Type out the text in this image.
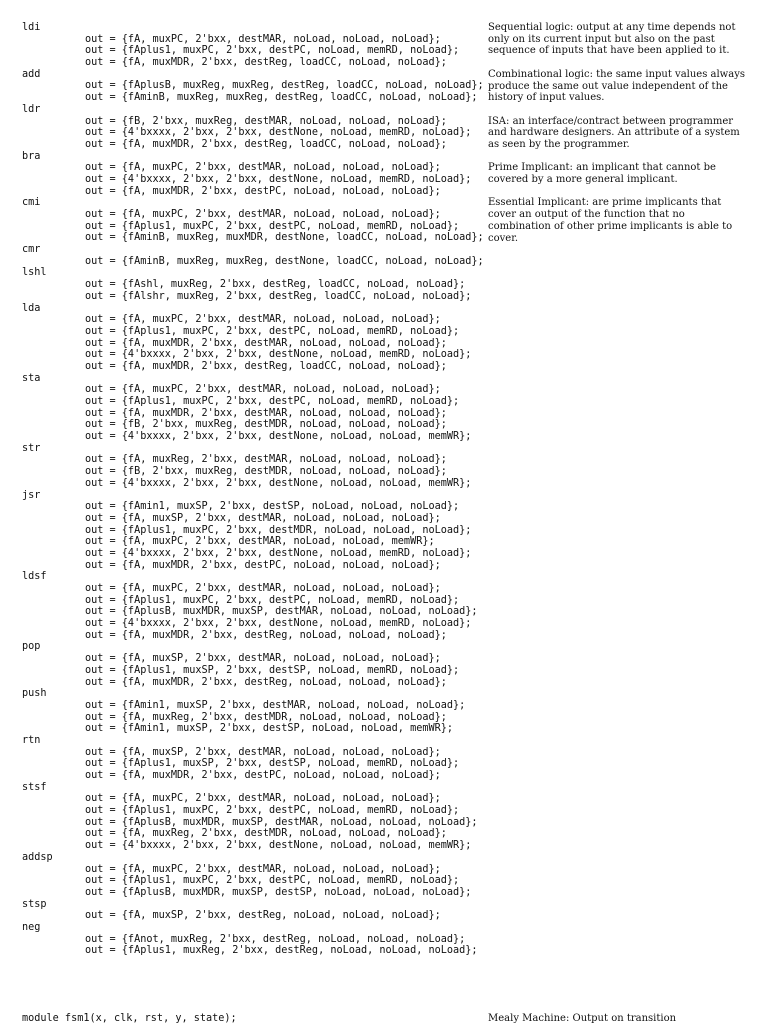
ldi
out = {fA, muxPC, 2'bxx, destMAR, noLoad, noLoad, noLoad};
out = {fAplus1, muxPC, 2'bxx, destPC, noLoad, memRD, noLoad};
out = {fA, muxMDR, 2'bxx, destReg, loadCC, noLoad, noLoad};
add
out = {fAplusB, muxReg, muxReg, destReg, loadCC, noLoad, noLoad};
out = {fAminB, muxReg, muxReg, destReg, loadCC, noLoad, noLoad};
ldr
out = {fB, 2'bxx, muxReg, destMAR, noLoad, noLoad, noLoad};
out = {4'bxxxx, 2'bxx, 2'bxx, destNone, noLoad, memRD, noLoad};
out = {fA, muxMDR, 2'bxx, destReg, loadCC, noLoad, noLoad};
bra
out = {fA, muxPC, 2'bxx, destMAR, noLoad, noLoad, noLoad};
out = {4'bxxxx, 2'bxx, 2'bxx, destNone, noLoad, memRD, noLoad};
out = {fA, muxMDR, 2'bxx, destPC, noLoad, noLoad, noLoad};
cmi
out = {fA, muxPC, 2'bxx, destMAR, noLoad, noLoad, noLoad};
out = {fAplus1, muxPC, 2'bxx, destPC, noLoad, memRD, noLoad};
out = {fAminB, muxReg, muxMDR, destNone, loadCC, noLoad, noLoad};
cmr
out = {fAminB, muxReg, muxReg, destNone, loadCC, noLoad, noLoad};
lshl
out = {fAshl, muxReg, 2'bxx, destReg, loadCC, noLoad, noLoad};
out = {fAlshr, muxReg, 2'bxx, destReg, loadCC, noLoad, noLoad};
lda
out = {fA, muxPC, 2'bxx, destMAR, noLoad, noLoad, noLoad};
out = {fAplus1, muxPC, 2'bxx, destPC, noLoad, memRD, noLoad};
out = {fA, muxMDR, 2'bxx, destMAR, noLoad, noLoad, noLoad};
out = {4'bxxxx, 2'bxx, 2'bxx, destNone, noLoad, memRD, noLoad};
out = {fA, muxMDR, 2'bxx, destReg, loadCC, noLoad, noLoad};
sta
out = {fA, muxPC, 2'bxx, destMAR, noLoad, noLoad, noLoad};
out = {fAplus1, muxPC, 2'bxx, destPC, noLoad, memRD, noLoad};
out = {fA, muxMDR, 2'bxx, destMAR, noLoad, noLoad, noLoad};
out = {fB, 2'bxx, muxReg, destMDR, noLoad, noLoad, noLoad};
out = {4'bxxxx, 2'bxx, 2'bxx, destNone, noLoad, noLoad, memWR};
str
out = {fA, muxReg, 2'bxx, destMAR, noLoad, noLoad, noLoad};
out = {fB, 2'bxx, muxReg, destMDR, noLoad, noLoad, noLoad};
out = {4'bxxxx, 2'bxx, 2'bxx, destNone, noLoad, noLoad, memWR};
jsr
out = {fAmin1, muxSP, 2'bxx, destSP, noLoad, noLoad, noLoad};
out = {fA, muxSP, 2'bxx, destMAR, noLoad, noLoad, noLoad};
out = {fAplus1, muxPC, 2'bxx, destMDR, noLoad, noLoad, noLoad};
out = {fA, muxPC, 2'bxx, destMAR, noLoad, noLoad, memWR};
out = {4'bxxxx, 2'bxx, 2'bxx, destNone, noLoad, memRD, noLoad};
out = {fA, muxMDR, 2'bxx, destPC, noLoad, noLoad, noLoad};
ldsf
out = {fA, muxPC, 2'bxx, destMAR, noLoad, noLoad, noLoad};
out = {fAplus1, muxPC, 2'bxx, destPC, noLoad, memRD, noLoad};
out = {fAplusB, muxMDR, muxSP, destMAR, noLoad, noLoad, noLoad};
out = {4'bxxxx, 2'bxx, 2'bxx, destNone, noLoad, memRD, noLoad};
out = {fA, muxMDR, 2'bxx, destReg, noLoad, noLoad, noLoad};
pop
out = {fA, muxSP, 2'bxx, destMAR, noLoad, noLoad, noLoad};
out = {fAplus1, muxSP, 2'bxx, destSP, noLoad, memRD, noLoad};
out = {fA, muxMDR, 2'bxx, destReg, noLoad, noLoad, noLoad};
push
out = {fAmin1, muxSP, 2'bxx, destMAR, noLoad, noLoad, noLoad};
out = {fA, muxReg, 2'bxx, destMDR, noLoad, noLoad, noLoad};
out = {fAmin1, muxSP, 2'bxx, destSP, noLoad, noLoad, memWR};
rtn
out = {fA, muxSP, 2'bxx, destMAR, noLoad, noLoad, noLoad};
out = {fAplus1, muxSP, 2'bxx, destSP, noLoad, memRD, noLoad};
out = {fA, muxMDR, 2'bxx, destPC, noLoad, noLoad, noLoad};
stsf
out = {fA, muxPC, 2'bxx, destMAR, noLoad, noLoad, noLoad};
out = {fAplus1, muxPC, 2'bxx, destPC, noLoad, memRD, noLoad};
out = {fAplusB, muxMDR, muxSP, destMAR, noLoad, noLoad, noLoad};
out = {fA, muxReg, 2'bxx, destMDR, noLoad, noLoad, noLoad};
out = {4'bxxxx, 2'bxx, 2'bxx, destNone, noLoad, noLoad, memWR};
addsp
out = {fA, muxPC, 2'bxx, destMAR, noLoad, noLoad, noLoad};
out = {fAplus1, muxPC, 2'bxx, destPC, noLoad, memRD, noLoad};
out = {fAplusB, muxMDR, muxSP, destSP, noLoad, noLoad, noLoad};
stsp
out = {fA, muxSP, 2'bxx, destReg, noLoad, noLoad, noLoad};
neg
out = {fAnot, muxReg, 2'bxx, destReg, noLoad, noLoad, noLoad};
out = {fAplus1, muxReg, 2'bxx, destReg, noLoad, noLoad, noLoad};
Sequential logic: output at any time depends not only on its current input but also on the past sequence of inputs that have been applied to it.
Combinational logic: the same input values always produce the same out value independent of the history of input values.
ISA: an interface/contract between programmer and hardware designers. An attribute of a system as seen by the programmer.
Prime Implicant: an implicant that cannot be covered by a more general implicant.
Essential Implicant: are prime implicants that cover an output of the function that no combination of other prime implicants is able to cover.
module fsm1(x, clk, rst, y, state);	Mealy Machine: Output on transition
